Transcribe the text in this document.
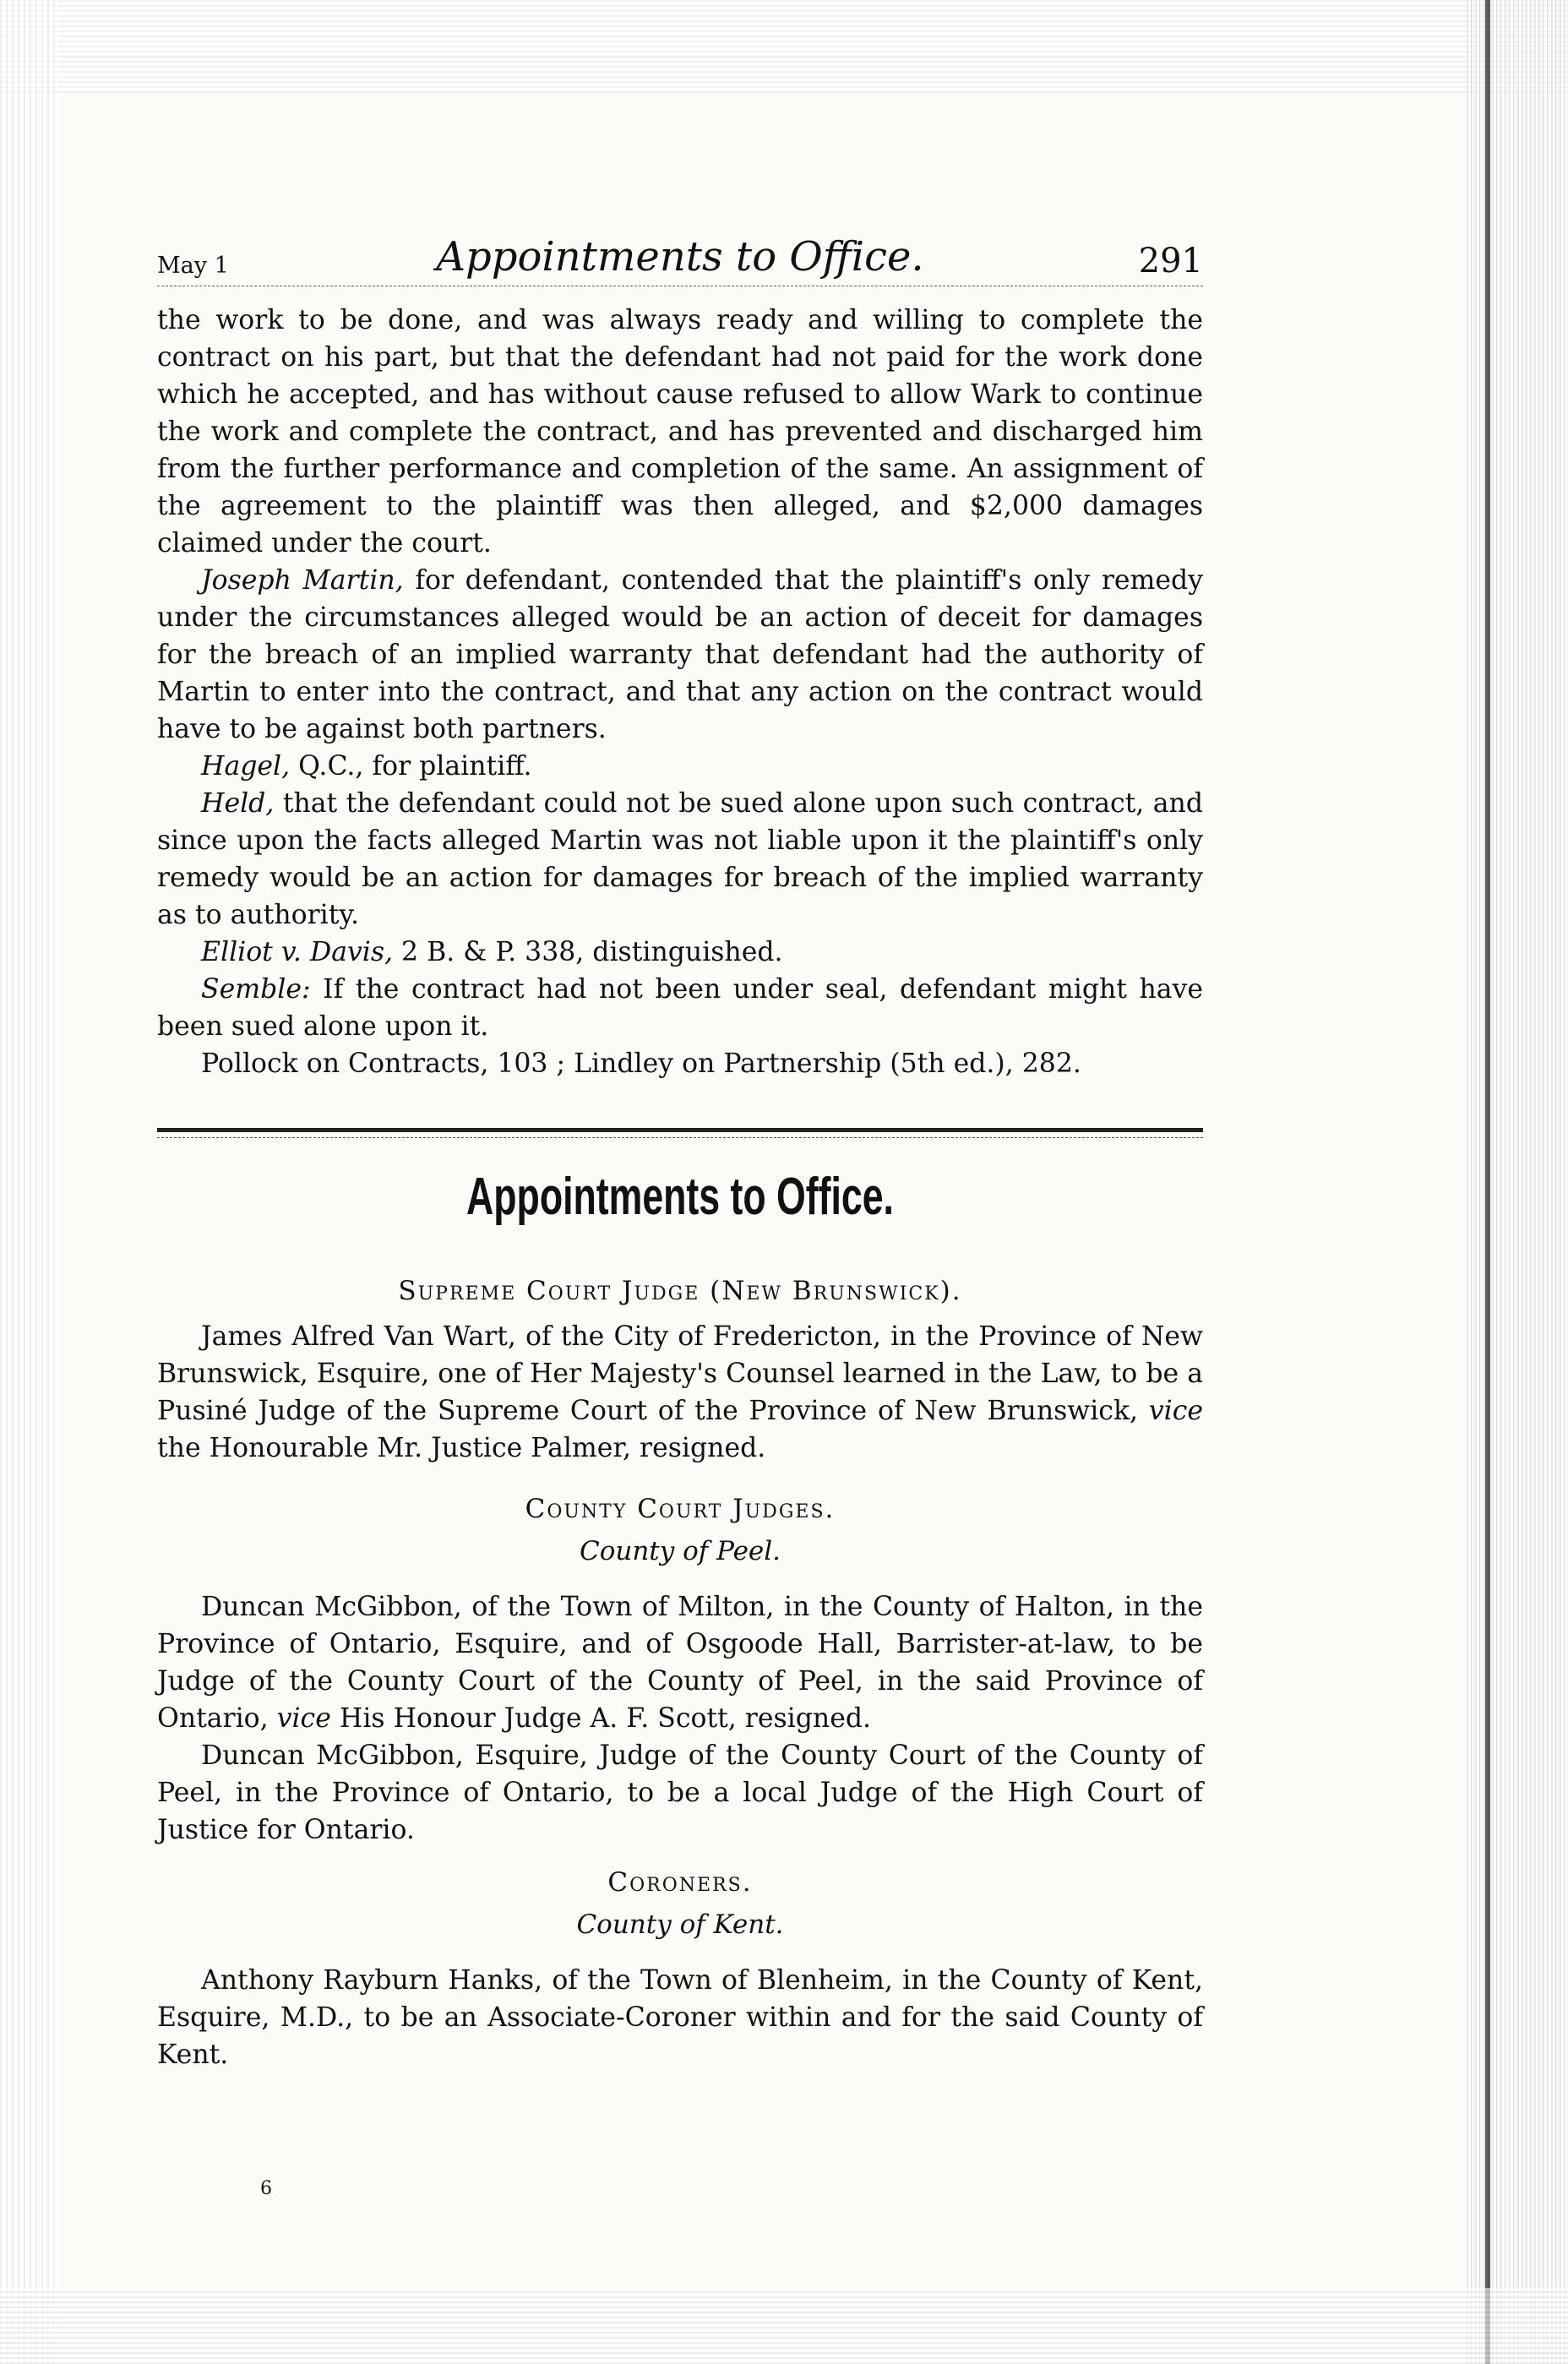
May 1	Appointments to Office.	291

the work to be done, and was always ready and willing to complete the contract on his part, but that the defendant had not paid for the work done which he accepted, and has without cause refused to allow Wark to continue the work and complete the contract, and has prevented and discharged him from the further performance and completion of the same. An assignment of the agreement to the plaintiff was then alleged, and $2,000 damages claimed under the court.

Joseph Martin, for defendant, contended that the plaintiff's only remedy under the circumstances alleged would be an action of deceit for damages for the breach of an implied warranty that defendant had the authority of Martin to enter into the contract, and that any action on the contract would have to be against both partners.

Hagel, Q.C., for plaintiff.

Held, that the defendant could not be sued alone upon such contract, and since upon the facts alleged Martin was not liable upon it the plaintiff's only remedy would be an action for damages for breach of the implied warranty as to authority.

Elliot v. Davis, 2 B. & P. 338, distinguished.

Semble: If the contract had not been under seal, defendant might have been sued alone upon it.

Pollock on Contracts, 103 ; Lindley on Partnership (5th ed.), 282.

Appointments to Office.
Supreme Court Judge (New Brunswick).

James Alfred Van Wart, of the City of Fredericton, in the Province of New Brunswick, Esquire, one of Her Majesty's Counsel learned in the Law, to be a Pusiné Judge of the Supreme Court of the Province of New Brunswick, vice the Honourable Mr. Justice Palmer, resigned.

County Court Judges.
County of Peel.

Duncan McGibbon, of the Town of Milton, in the County of Halton, in the Province of Ontario, Esquire, and of Osgoode Hall, Barrister-at-law, to be Judge of the County Court of the County of Peel, in the said Province of Ontario, vice His Honour Judge A. F. Scott, resigned.

Duncan McGibbon, Esquire, Judge of the County Court of the County of Peel, in the Province of Ontario, to be a local Judge of the High Court of Justice for Ontario.

Coroners.
County of Kent.

Anthony Rayburn Hanks, of the Town of Blenheim, in the County of Kent, Esquire, M.D., to be an Associate-Coroner within and for the said County of Kent.

6
